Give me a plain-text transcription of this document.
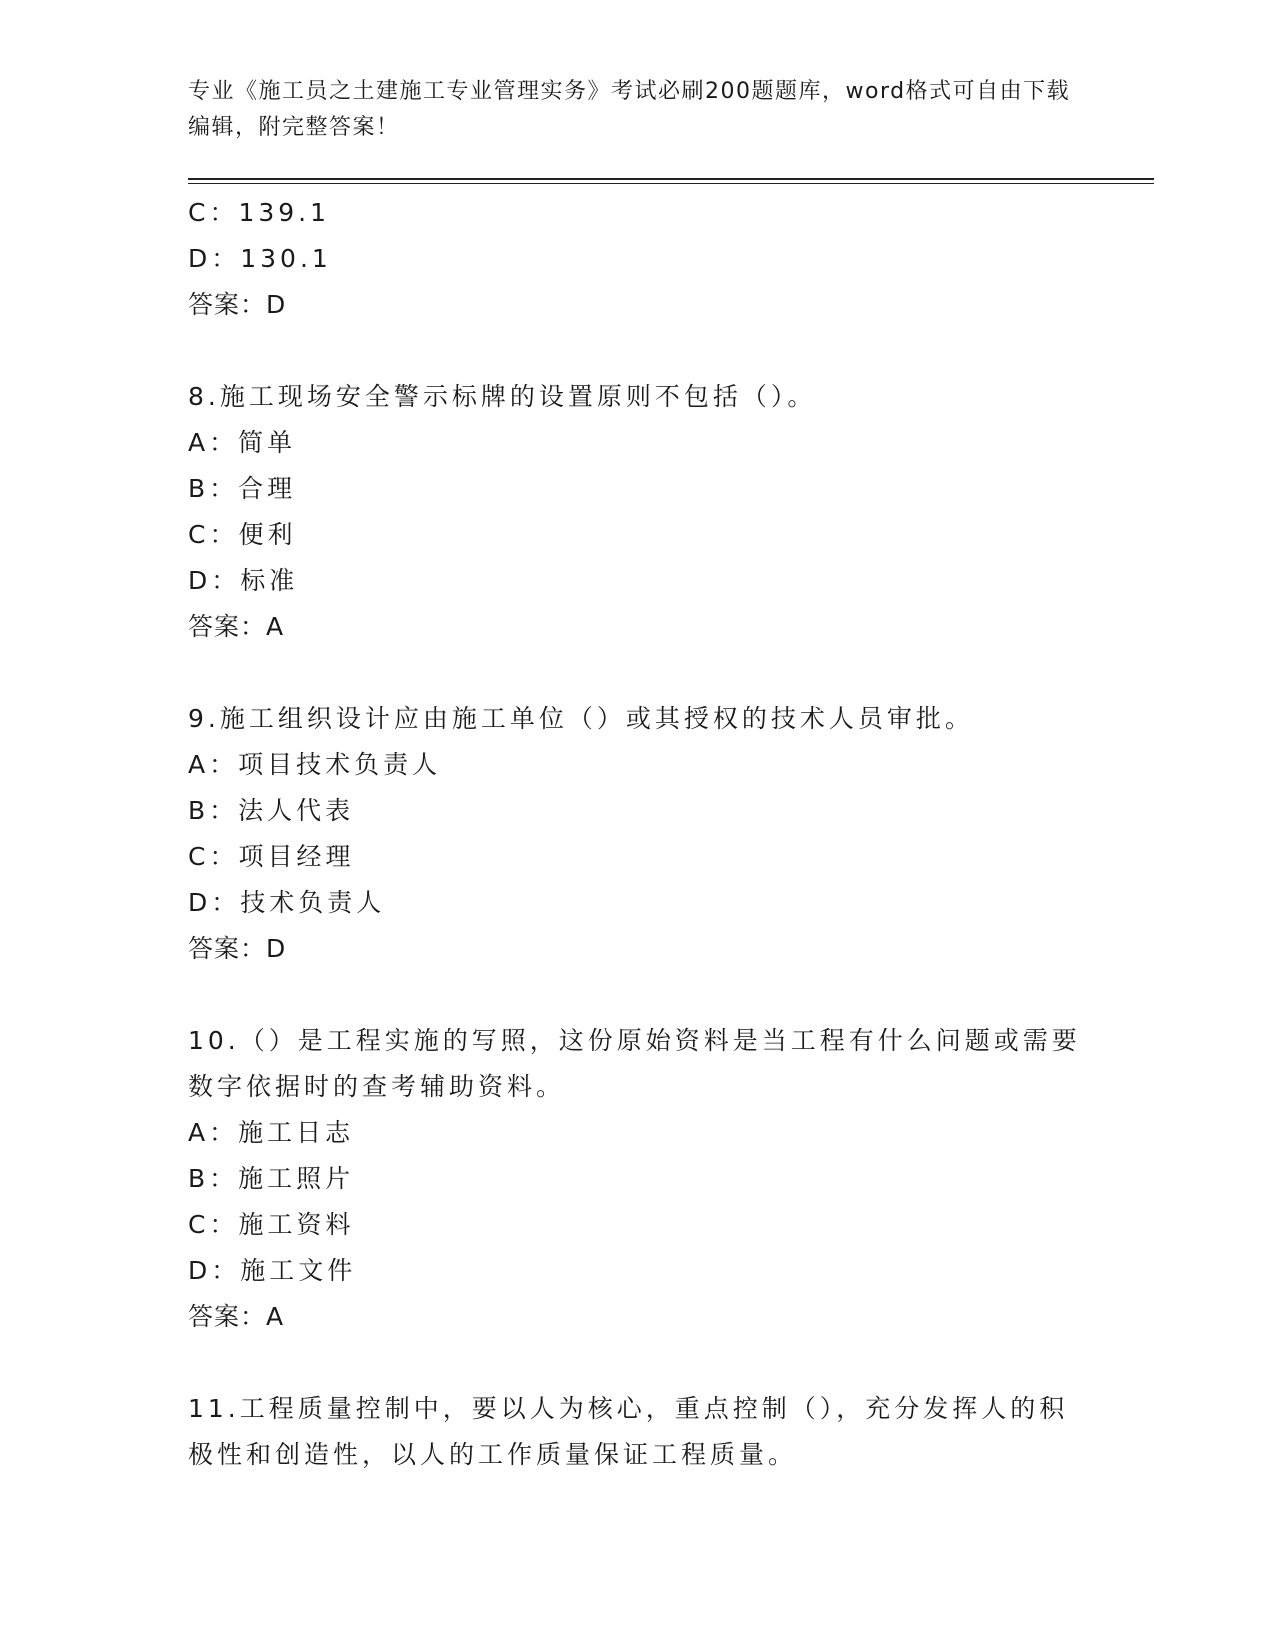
专业《施工员之土建施工专业管理实务》考试必刷200题题库，word格式可自由下载编辑，附完整答案！
C：139.1
D：130.1
答案：D
8.施工现场安全警示标牌的设置原则不包括（）。
A：简单
B：合理
C：便利
D：标准
答案：A
9.施工组织设计应由施工单位（）或其授权的技术人员审批。
A：项目技术负责人
B：法人代表
C：项目经理
D：技术负责人
答案：D
10.（）是工程实施的写照，这份原始资料是当工程有什么问题或需要数字依据时的查考辅助资料。
A：施工日志
B：施工照片
C：施工资料
D：施工文件
答案：A
11.工程质量控制中，要以人为核心，重点控制（），充分发挥人的积极性和创造性，以人的工作质量保证工程质量。
